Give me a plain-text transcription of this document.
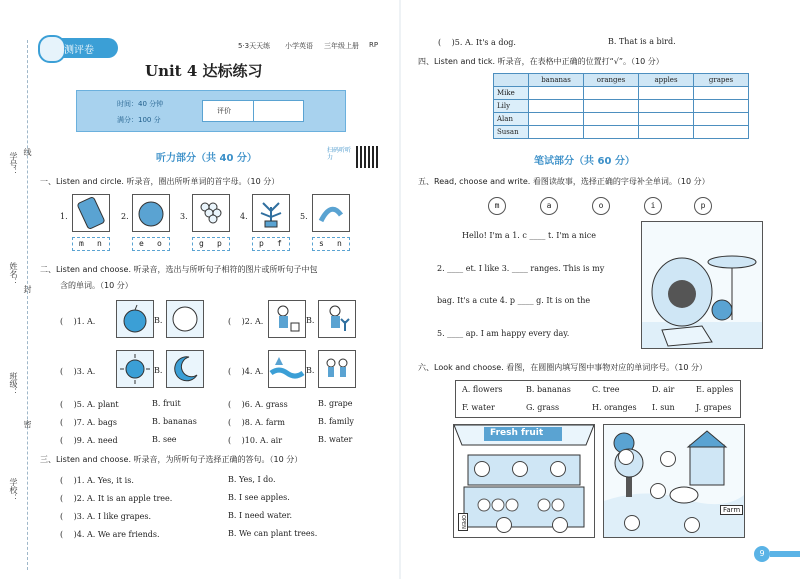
学号：
姓名：
班级：
学校：
线
封
密
测评卷	5·3天天练 小学英语 三年级上册 RP
Unit 4 达标练习
时间：40 分钟
满分：100 分
评价
听力部分（共 40 分）
扫码听听力
一、Listen and circle. 听录音，圈出所听单词的首字母。（10 分）
1.	2.	3.	4.	5.
m n	e o	g p	p f	s n
二、Listen and choose. 听录音，选出与所听句子相符的图片或所听句子中包
含的单词。（10 分）
( 　)1. A.	B.	( 　)2. A.	B.
( 　)3. A.	B.	( 　)4. A.	B.
( 　)5. A. plant	B. fruit	( 　)6. A. grass	B. grape
( 　)7. A. bags	B. bananas	( 　)8. A. farm	B. family
( 　)9. A. need	B. see	( 　)10. A. air	B. water
三、Listen and choose. 听录音，为所听句子选择正确的答句。（10 分）
( 　)1. A. Yes, it is.	B. Yes, I do.
( 　)2. A. It is an apple tree.	B. I see apples.
( 　)3. A. I like grapes.	B. I need water.
( 　)4. A. We are friends.	B. We can plant trees.
( 　)5. A. It's a dog.	B. That is a bird.
四、Listen and tick. 听录音，在表格中正确的位置打“√”。（10 分）
	bananas	oranges	apples	grapes
Mike				
Lily				
Alan				
Susan				
笔试部分（共 60 分）
五、Read, choose and write. 看图读故事，选择正确的字母补全单词。（10 分）
m	a	o	i	p
Hello! I'm a 1. c ____ t. I'm a nice
2. ____ et. I like 3. ____ ranges. This is my
bag. It's a cute 4. p ____ g. It is on the
5. ____ ap. I am happy every day.
六、Look and choose. 看图，在圆圈内填写图中事物对应的单词序号。（10 分）
A. flowers	B. bananas	C. tree	D. air	E. apples
F. water	G. grass	H. oranges I. sun	J. grapes
Fresh fruit
OPEN
Farm
9
